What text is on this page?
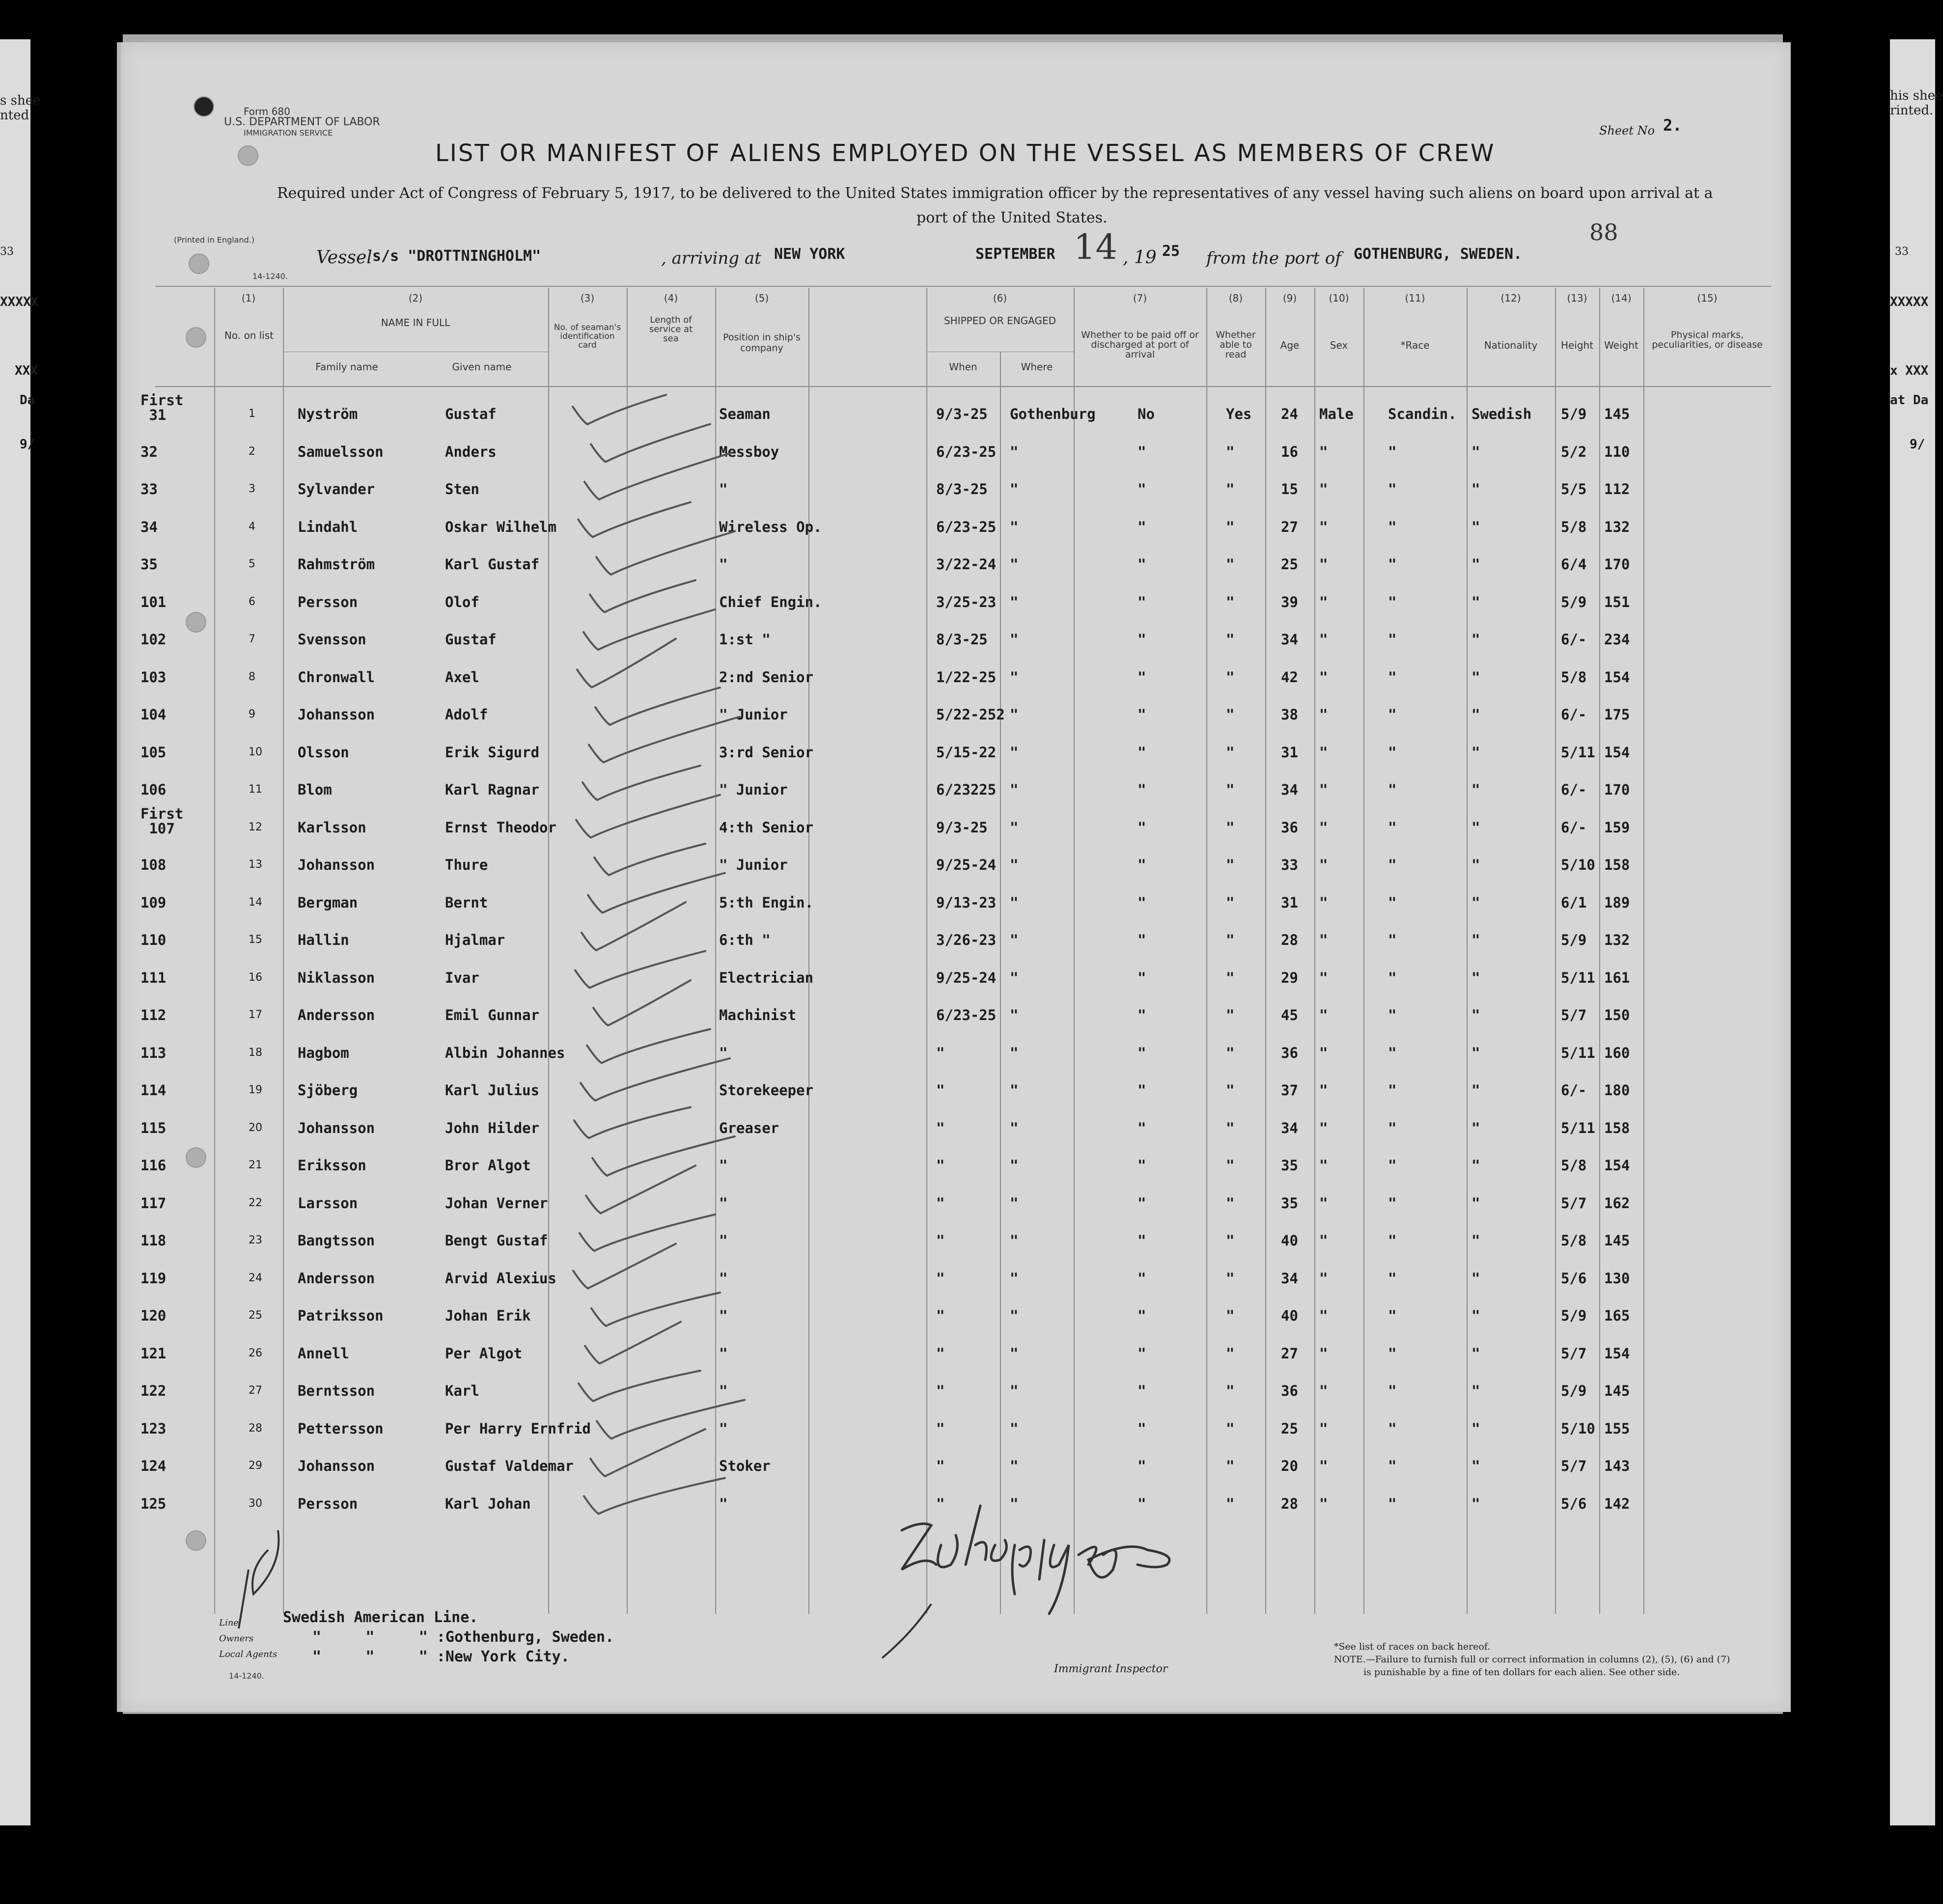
s shee
nted.
33
XXXXX
XXX
Da
9/
his shee
rinted.
33
XXXXX
x XXX
at Da
9/
Form 680
U.S. DEPARTMENT OF LABOR
IMMIGRATION SERVICE	Sheet No 2.
LIST OR MANIFEST OF ALIENS EMPLOYED ON THE VESSEL AS MEMBERS OF CREW
Required under Act of Congress of February 5, 1917, to be delivered to the United States immigration officer by the representatives of any vessel having such aliens on board upon arrival at a
port of the United States.
(Printed in England.)
14-1240.
88
Vessel s/s "DROTTNINGHOLM"	, arriving at NEW YORK	SEPTEMBER 14 , 19 25 from the port of GOTHENBURG, SWEDEN.
(1)
No. on list
(2)
NAME IN FULL
Family name	Given name
(3)
No. of seaman's identification card
(4)
Length of service at sea
(5)
Position in ship's company
(6)
SHIPPED OR ENGAGED
When	Where
(7)
Whether to be paid off or discharged at port of arrival
(8)
Whether able to read
(9)
Age
(10)
Sex
(11)
*Race
(12)
Nationality
(13)
Height
(14)
Weight
(15)
Physical marks, peculiarities, or disease
First
31	1	Nyström	Gustaf	Seaman	9/3-25 Gothenburg	No	Yes 24 Male Scandin. Swedish 5/9 145
32	2	Samuelsson	Anders	Messboy	6/23-25 "	"	"	16 "	"	"	5/2 110
33	3	Sylvander	Sten	"	8/3-25 "	"	"	15 "	"	"	5/5 112
34	4	Lindahl	Oskar Wilhelm	Wireless Op.	6/23-25 "	"	"	27 "	"	"	5/8 132
35	5	Rahmström	Karl Gustaf	"	3/22-24 "	"	"	25 "	"	"	6/4 170
101	6	Persson	Olof	Chief Engin.	3/25-23 "	"	"	39 "	"	"	5/9 151
102	7	Svensson	Gustaf	1:st "	8/3-25 "	"	"	34 "	"	"	6/- 234
103	8	Chronwall	Axel	2:nd Senior	1/22-25 "	"	"	42 "	"	"	5/8 154
104	9	Johansson	Adolf	" Junior	5/22-252 "	"	"	38 "	"	"	6/- 175
105	10 Olsson	Erik Sigurd	3:rd Senior	5/15-22 "	"	"	31 "	"	"	5/11 154
106	11 Blom	Karl Ragnar	" Junior	6/23225 "	"	"	34 "	"	"	6/- 170
First
107	12 Karlsson	Ernst Theodor	4:th Senior	9/3-25 "	"	"	36 "	"	"	6/- 159
108	13 Johansson	Thure	" Junior	9/25-24 "	"	"	33 "	"	"	5/10 158
109	14 Bergman	Bernt	5:th Engin.	9/13-23 "	"	"	31 "	"	"	6/1 189
110	15 Hallin	Hjalmar	6:th "	3/26-23 "	"	"	28 "	"	"	5/9 132
111	16 Niklasson	Ivar	Electrician	9/25-24 "	"	"	29 "	"	"	5/11 161
112	17 Andersson	Emil Gunnar	Machinist	6/23-25 "	"	"	45 "	"	"	5/7 150
113	18 Hagbom	Albin Johannes	"	"	"	"	"	36 "	"	"	5/11 160
114	19 Sjöberg	Karl Julius	Storekeeper	"	"	"	"	37 "	"	"	6/- 180
115	20 Johansson	John Hilder	Greaser	"	"	"	"	34 "	"	"	5/11 158
116	21 Eriksson	Bror Algot	"	"	"	"	"	35 "	"	"	5/8 154
117	22 Larsson	Johan Verner	"	"	"	"	"	35 "	"	"	5/7 162
118	23 Bangtsson	Bengt Gustaf	"	"	"	"	"	40 "	"	"	5/8 145
119	24 Andersson	Arvid Alexius	"	"	"	"	"	34 "	"	"	5/6 130
120	25 Patriksson	Johan Erik	"	"	"	"	"	40 "	"	"	5/9 165
121	26 Annell	Per Algot	"	"	"	"	"	27 "	"	"	5/7 154
122	27 Berntsson	Karl	"	"	"	"	"	36 "	"	"	5/9 145
123	28 Pettersson	Per Harry Ernfrid	"	"	"	"	"	25 "	"	"	5/10 155
124	29 Johansson	Gustaf Valdemar	Stoker	"	"	"	"	20 "	"	"	5/7 143
125	30 Persson	Karl Johan	"	"	"	"	"	28 "	"	"	5/6 142
Line
Owners
Local Agents
14-1240.
Swedish American Line.
"     "     " :Gothenburg, Sweden.
"     "     " :New York City.
Immigrant Inspector
*See list of races on back hereof.
NOTE.—Failure to furnish full or correct information in columns (2), (5), (6) and (7)
is punishable by a fine of ten dollars for each alien. See other side.
